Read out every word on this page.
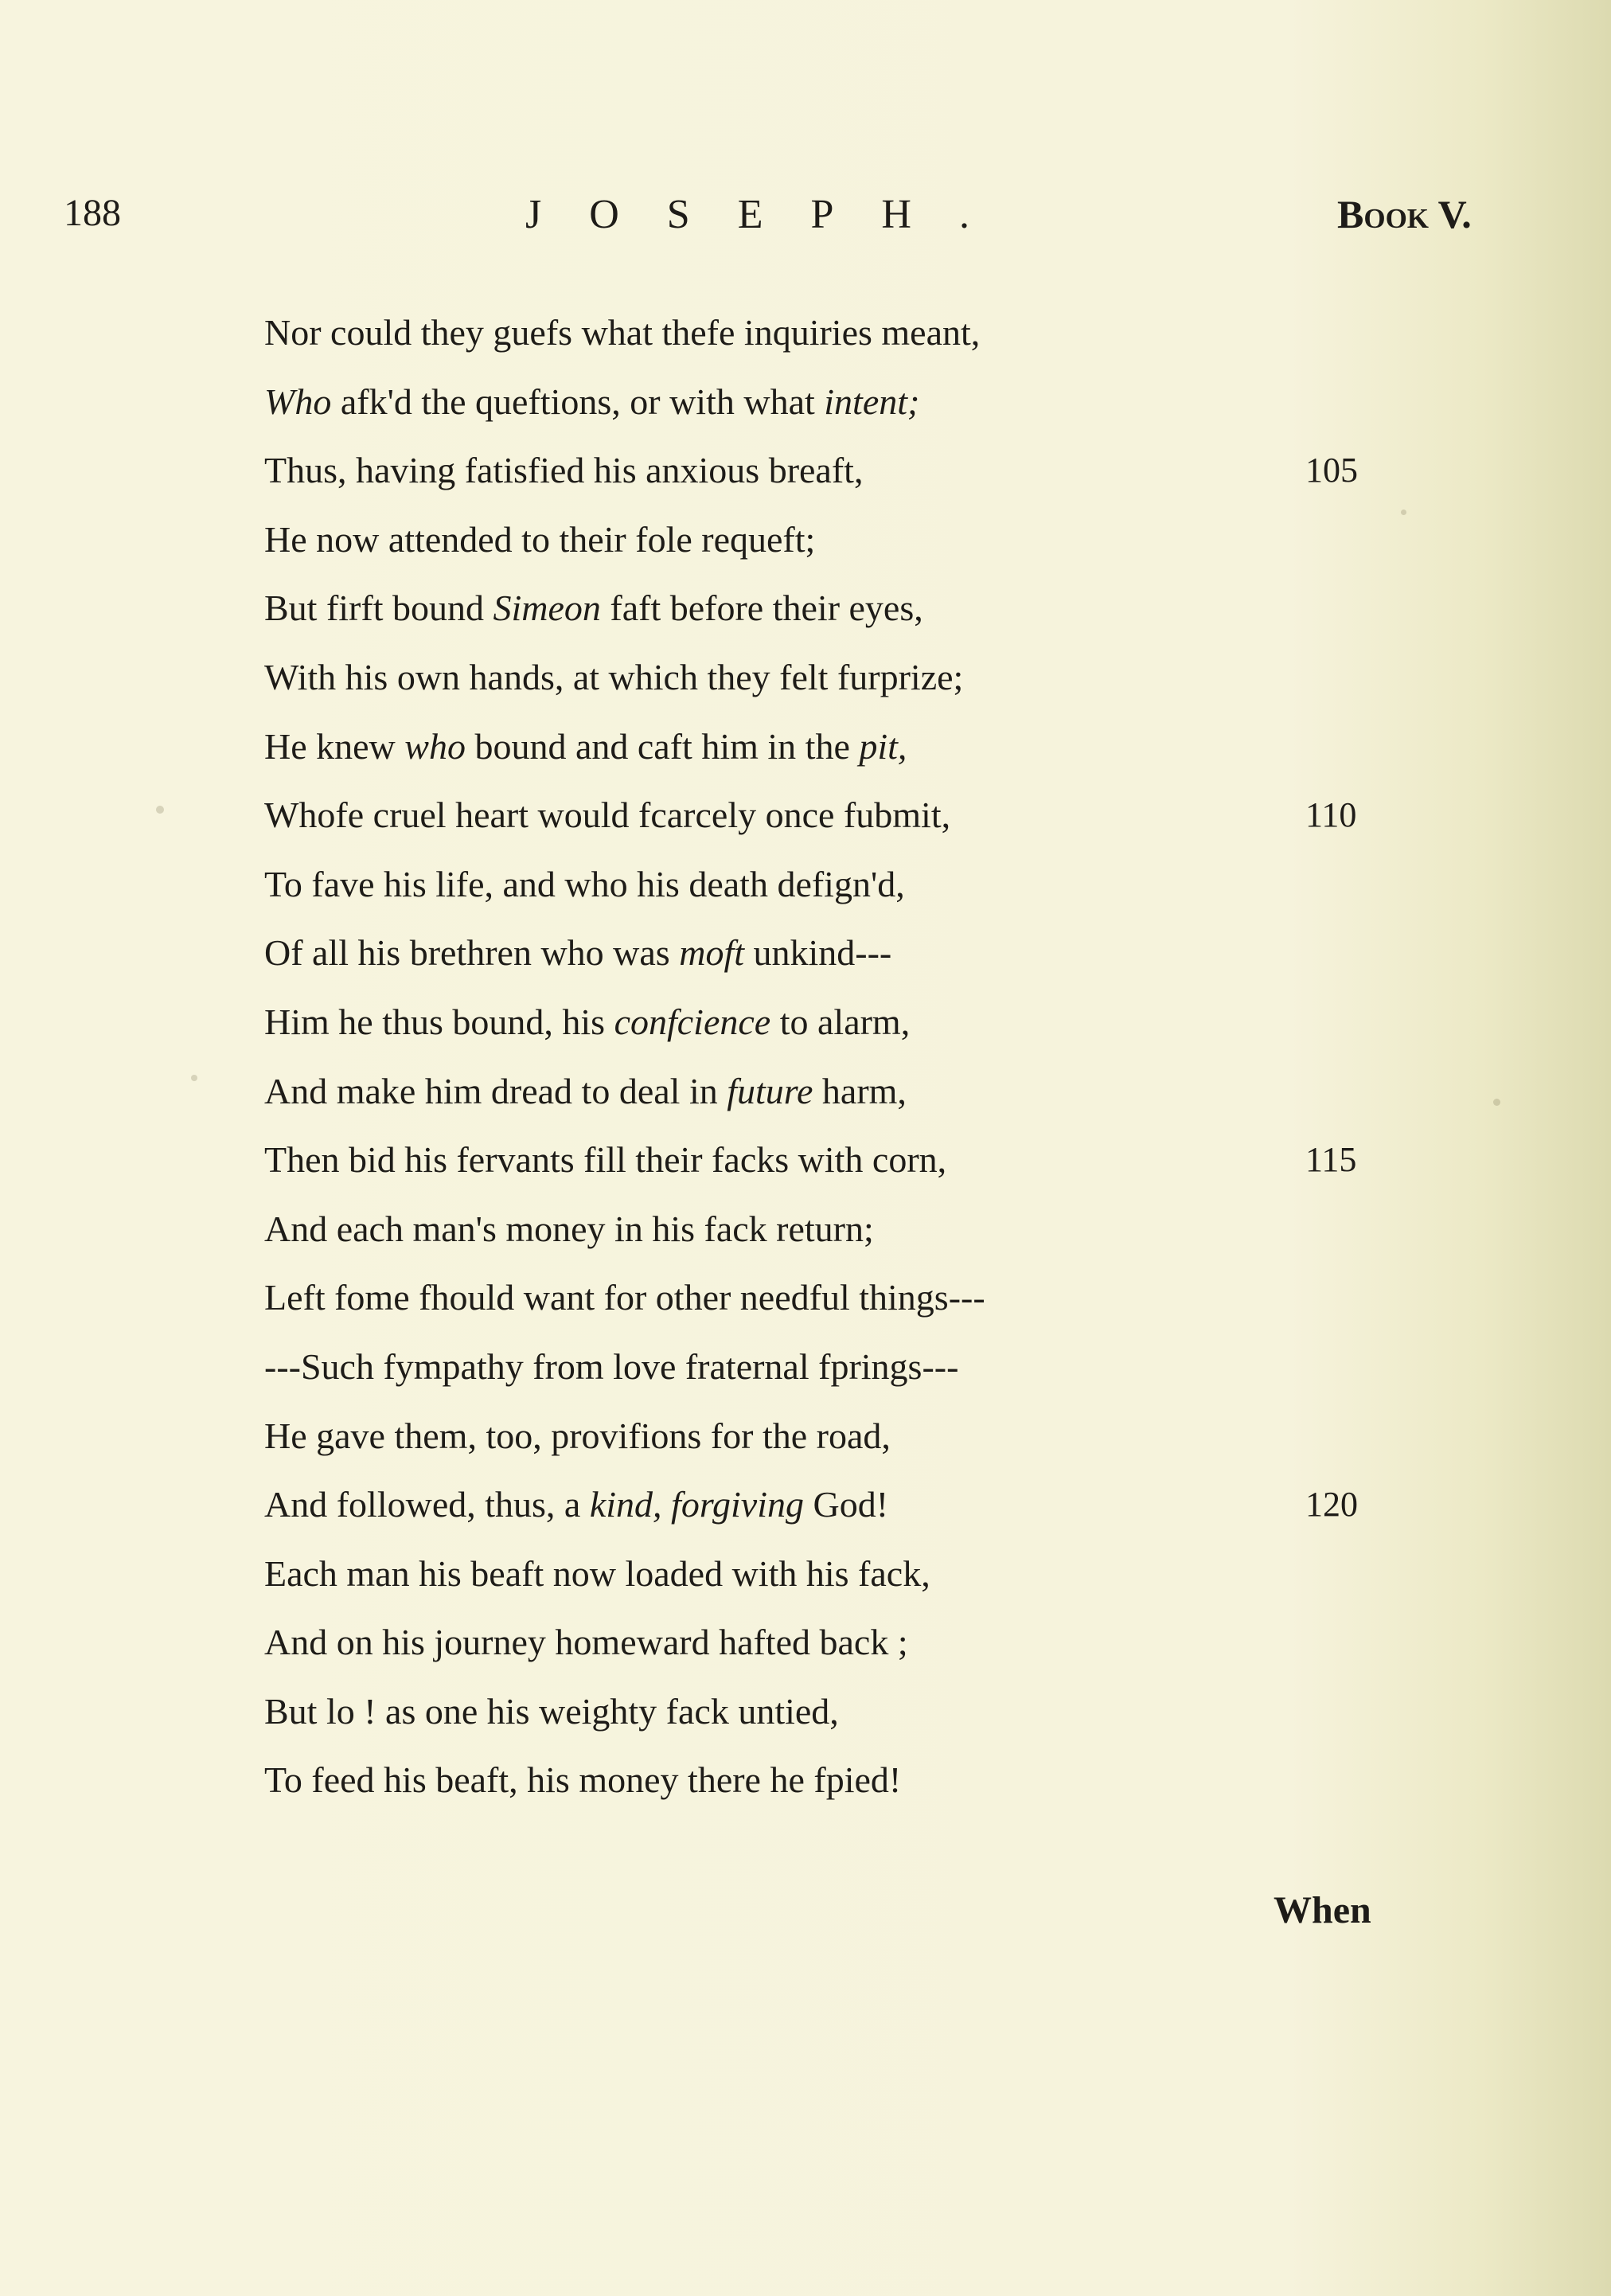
188	JOSEPH.	Book V.
Nor could they guefs what thefe inquiries meant,
Who afk'd the queftions, or with what intent;
Thus, having fatisfied his anxious breaft,	105
He now attended to their fole requeft;
But firft bound Simeon faft before their eyes,
With his own hands, at which they felt furprize;
He knew who bound and caft him in the pit,
Whofe cruel heart would fcarcely once fubmit,	110
To fave his life, and who his death defign'd,
Of all his brethren who was moft unkind---
Him he thus bound, his confcience to alarm,
And make him dread to deal in future harm,
Then bid his fervants fill their facks with corn,	115
And each man's money in his fack return;
Left fome fhould want for other needful things---
---Such fympathy from love fraternal fprings---
He gave them, too, provifions for the road,
And followed, thus, a kind, forgiving God!	120
Each man his beaft now loaded with his fack,
And on his journey homeward hafted back ;
But lo ! as one his weighty fack untied,
To feed his beaft, his money there he fpied!
When
